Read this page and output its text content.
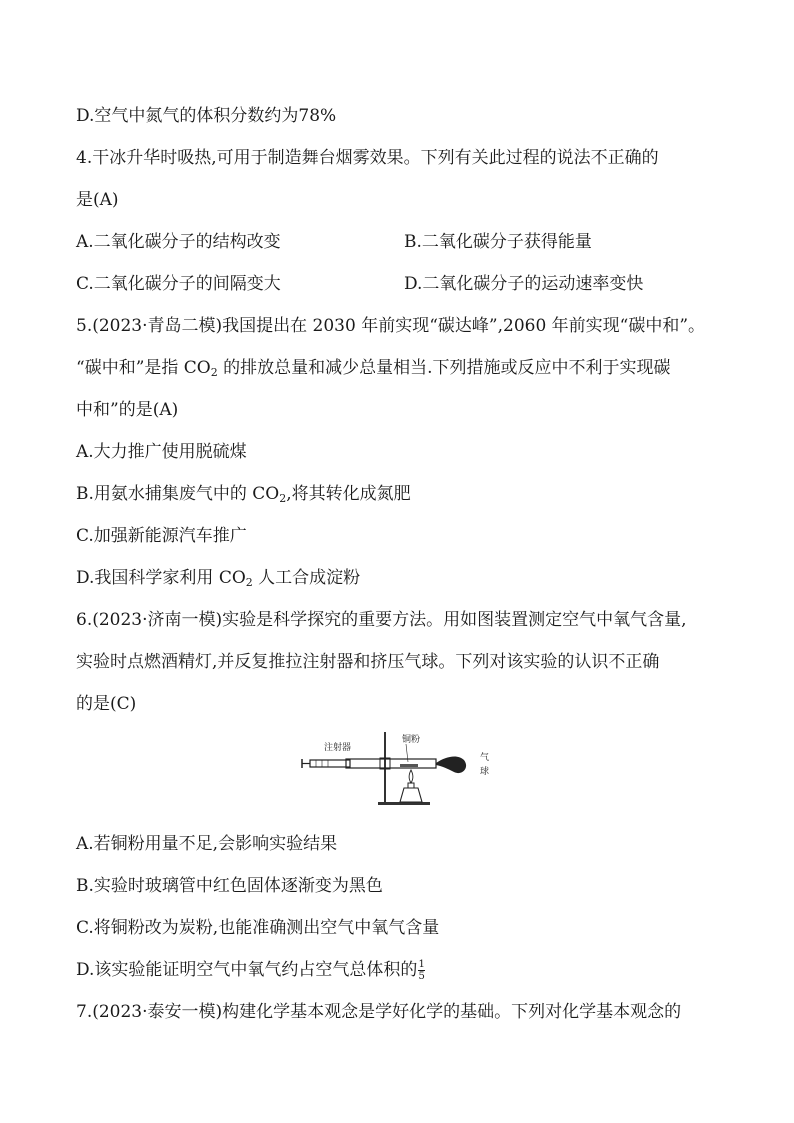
D.空气中氮气的体积分数约为78%
4.干冰升华时吸热,可用于制造舞台烟雾效果。下列有关此过程的说法不正确的
是(A)
A.二氧化碳分子的结构改变	B.二氧化碳分子获得能量
C.二氧化碳分子的间隔变大	D.二氧化碳分子的运动速率变快
5.(2023·青岛二模)我国提出在 2030 年前实现“碳达峰”,2060 年前实现“碳中和”。
“碳中和”是指 $CO_2$ 的排放总量和减少总量相当.下列措施或反应中不利于实现碳
中和”的是(A)
A.大力推广使用脱硫煤
B.用氨水捕集废气中的 $CO_2$,将其转化成氮肥
C.加强新能源汽车推广
D.我国科学家利用 $CO_2$ 人工合成淀粉
6.(2023·济南一模)实验是科学探究的重要方法。用如图装置测定空气中氧气含量,
实验时点燃酒精灯,并反复推拉注射器和挤压气球。下列对该实验的认识不正确
的是(C)
注射器
铜粉
气
球
A.若铜粉用量不足,会影响实验结果
B.实验时玻璃管中红色固体逐渐变为黑色
C.将铜粉改为炭粉,也能准确测出空气中氧气含量
D.该实验能证明空气中氧气约占空气总体积的 $\frac{1}{5}$
7.(2023·泰安一模)构建化学基本观念是学好化学的基础。下列对化学基本观念的
